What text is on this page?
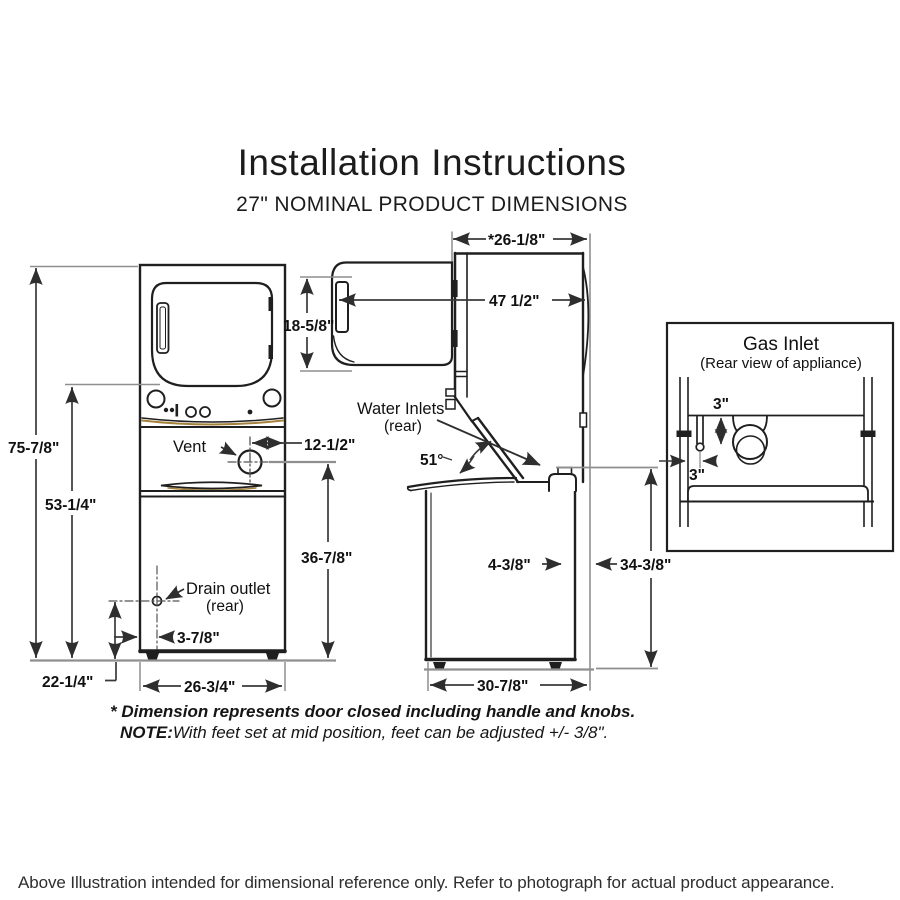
Installation Instructions
27" NOMINAL PRODUCT DIMENSIONS
75-7/8"
53-1/4"
22-1/4"	26-3/4"
3-7/8"
12-1/2"
36-7/8"
Vent
Drain outlet
(rear)
*26-1/8"
47 1/2"
18-5/8"
51°
Water Inlets
(rear)
4-3/8"	34-3/8"
30-7/8"
Gas Inlet
(Rear view of appliance)
3"
3"
* Dimension represents door closed including handle and knobs.
NOTE:With feet set at mid position, feet can be adjusted +/- 3/8".
Above Illustration intended for dimensional reference only. Refer to photograph for actual product appearance.
